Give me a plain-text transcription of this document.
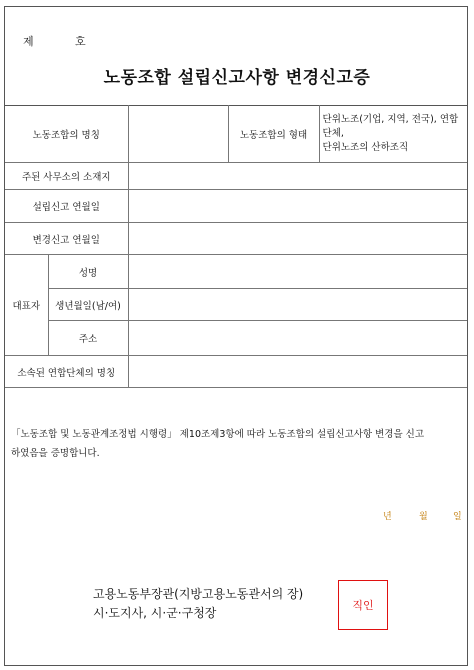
제	호
노동조합 설립신고사항 변경신고증
노동조합의 명칭			노동조합의 형태	단위노조(기업, 지역, 전국), 연합단체,
단위노조의 산하조직

주된 사무소의 소재지				
설립신고 연월일				
변경신고 연월일				
대표자	성명			
	생년월일(남/여)			
	주소			
소속된 연합단체의 명칭				
「노동조합 및 노동관계조정법 시행령」 제10조제3항에 따라 노동조합의 설립신고사항 변경을 신고
하였음을 증명합니다.
년	월	일
고용노동부장관(지방고용노동관서의 장)
시·도지사, 시·군·구청장
직인
